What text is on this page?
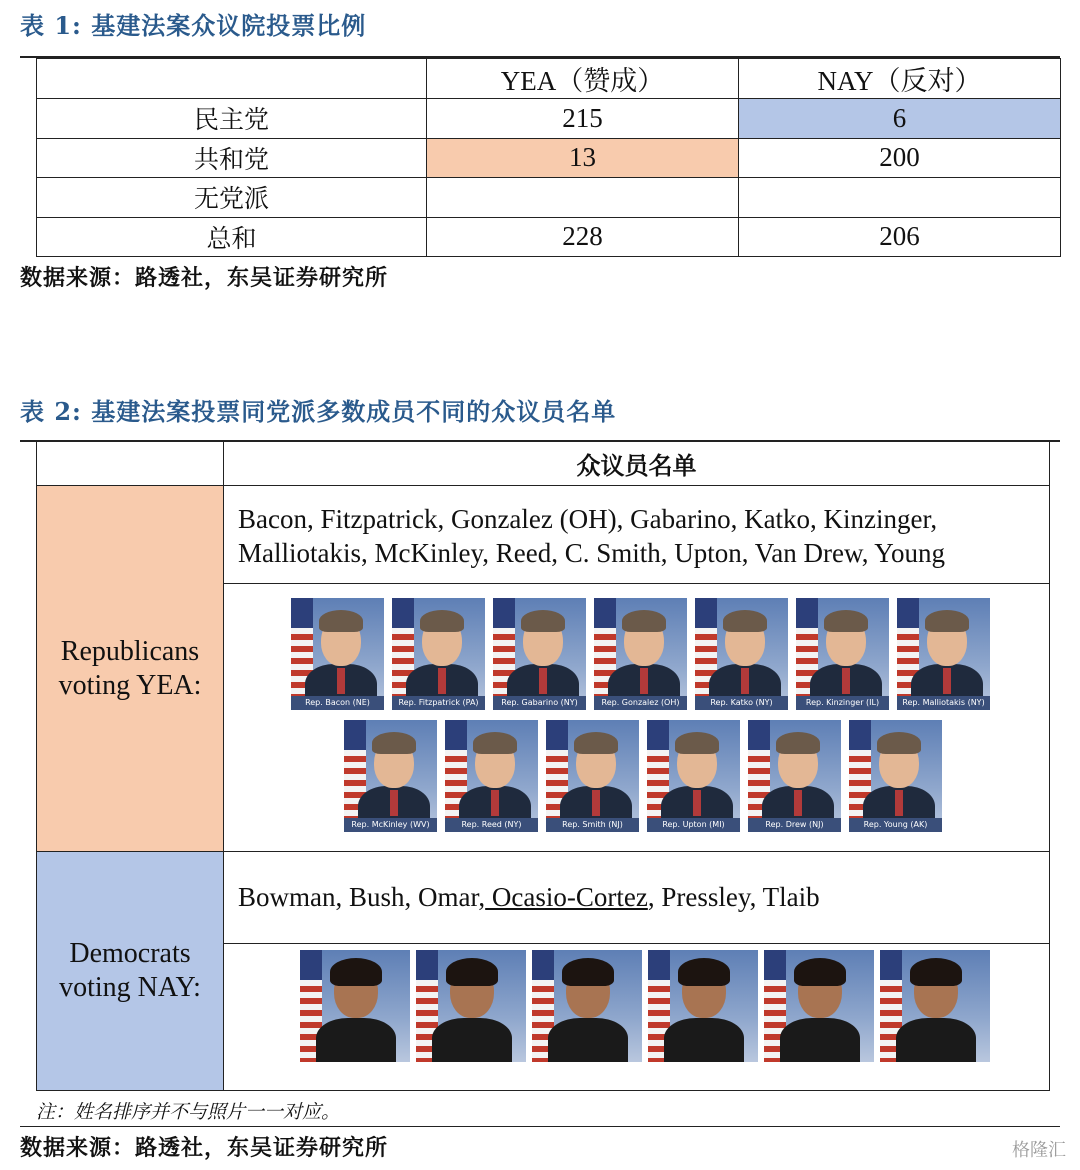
表 1: 基建法案众议院投票比例
	YEA（赞成）	NAY（反对）
民主党	215	6
共和党	13	200
无党派		
总和	228	206
数据来源：路透社，东吴证券研究所
表 2: 基建法案投票同党派多数成员不同的众议员名单
众议员名单
Republicans voting YEA:
Bacon, Fitzpatrick, Gonzalez (OH), Gabarino, Katko, Kinzinger, Malliotakis, McKinley, Reed, C. Smith, Upton, Van Drew, Young
Rep. Bacon (NE)	Rep. Fitzpatrick (PA)	Rep. Gabarino (NY)	Rep. Gonzalez (OH)	Rep. Katko (NY)	Rep. Kinzinger (IL)	Rep. Malliotakis (NY)
Rep. McKinley (WV)	Rep. Reed (NY)	Rep. Smith (NJ)	Rep. Upton (MI)	Rep. Drew (NJ)	Rep. Young (AK)
Democrats voting NAY:
Bowman, Bush, Omar, Ocasio-Cortez, Pressley, Tlaib
注：姓名排序并不与照片一一对应。
数据来源：路透社，东吴证券研究所	格隆汇
